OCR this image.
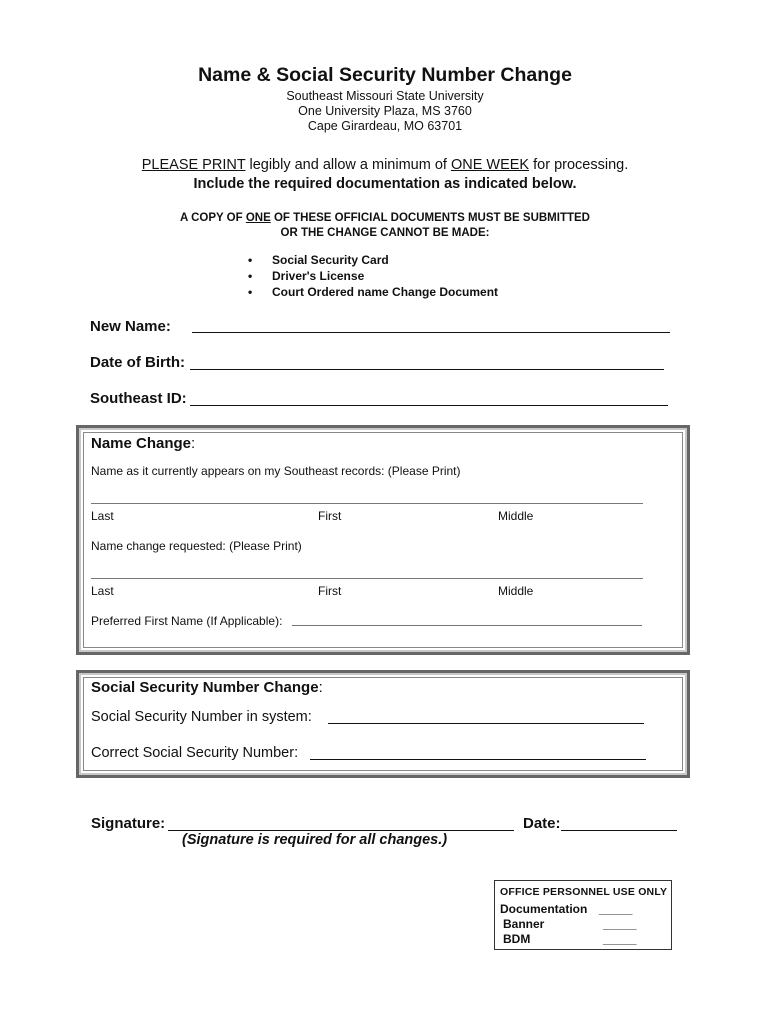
Name & Social Security Number Change
Southeast Missouri State University
One University Plaza, MS 3760
Cape Girardeau, MO 63701
PLEASE PRINT legibly and allow a minimum of ONE WEEK for processing.
Include the required documentation as indicated below.
A COPY OF ONE OF THESE OFFICIAL DOCUMENTS MUST BE SUBMITTED
OR THE CHANGE CANNOT BE MADE:
• Social Security Card
• Driver's License
• Court Ordered name Change Document
New Name:
Date of Birth:
Southeast ID:
Name Change:
Name as it currently appears on my Southeast records: (Please Print)
Last	First	Middle
Name change requested: (Please Print)
Last	First	Middle
Preferred First Name (If Applicable):
Social Security Number Change:
Social Security Number in system:
Correct Social Security Number:
Signature:	Date:
(Signature is required for all changes.)
OFFICE PERSONNEL USE ONLY
Documentation _____
Banner	_____
BDM	_____
